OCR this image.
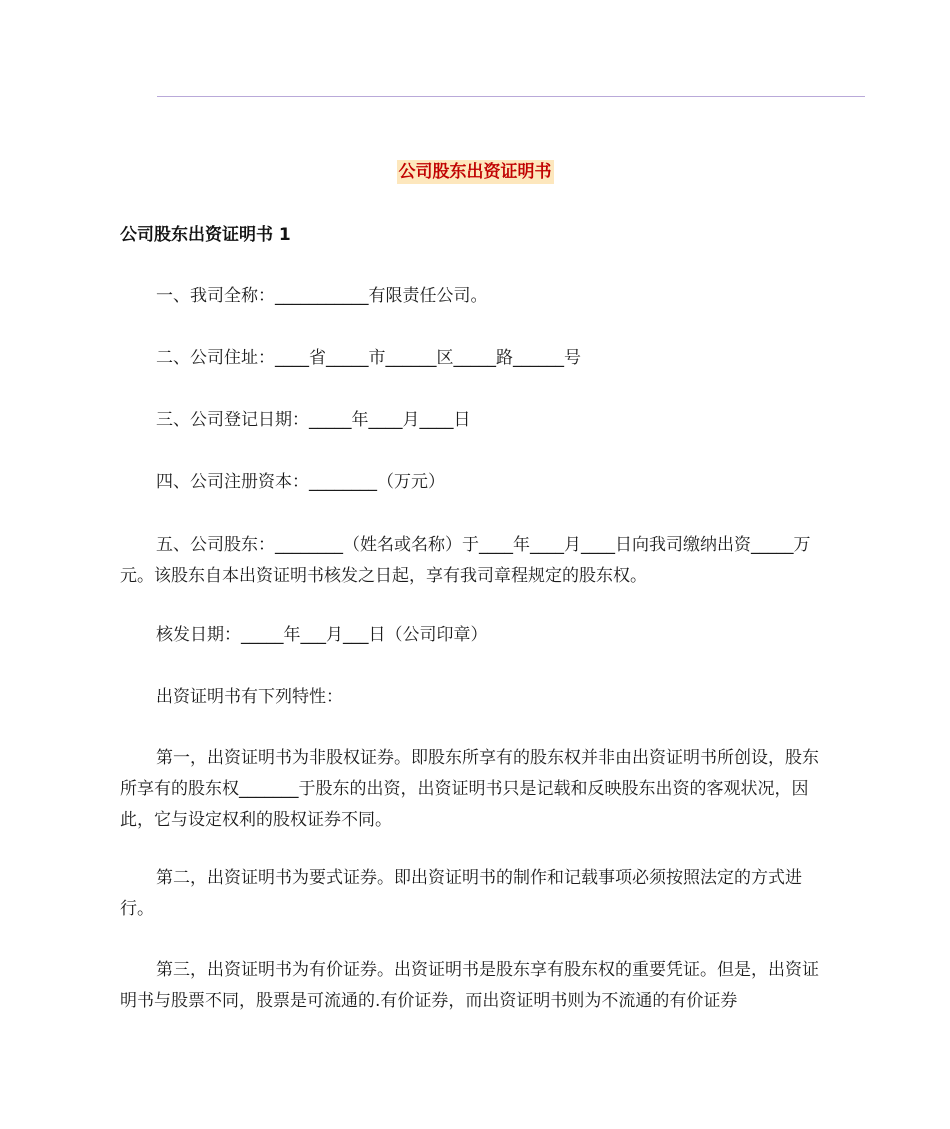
公司股东出资证明书
公司股东出资证明书 1

一、我司全称：___________有限责任公司。

二、公司住址：____省_____市______区_____路______号

三、公司登记日期：_____年____月____日

四、公司注册资本：________（万元）

五、公司股东：________（姓名或名称）于____年____月____日向我司缴纳出资_____万元。该股东自本出资证明书核发之日起，享有我司章程规定的股东权。

核发日期：_____年___月___日（公司印章）

出资证明书有下列特性：

第一，出资证明书为非股权证券。即股东所享有的股东权并非由出资证明书所创设，股东所享有的股东权_______于股东的出资，出资证明书只是记载和反映股东出资的客观状况，因此，它与设定权利的股权证券不同。

第二，出资证明书为要式证券。即出资证明书的制作和记载事项必须按照法定的方式进行。

第三，出资证明书为有价证券。出资证明书是股东享有股东权的重要凭证。但是，出资证明书与股票不同，股票是可流通的.有价证券，而出资证明书则为不流通的有价证券
